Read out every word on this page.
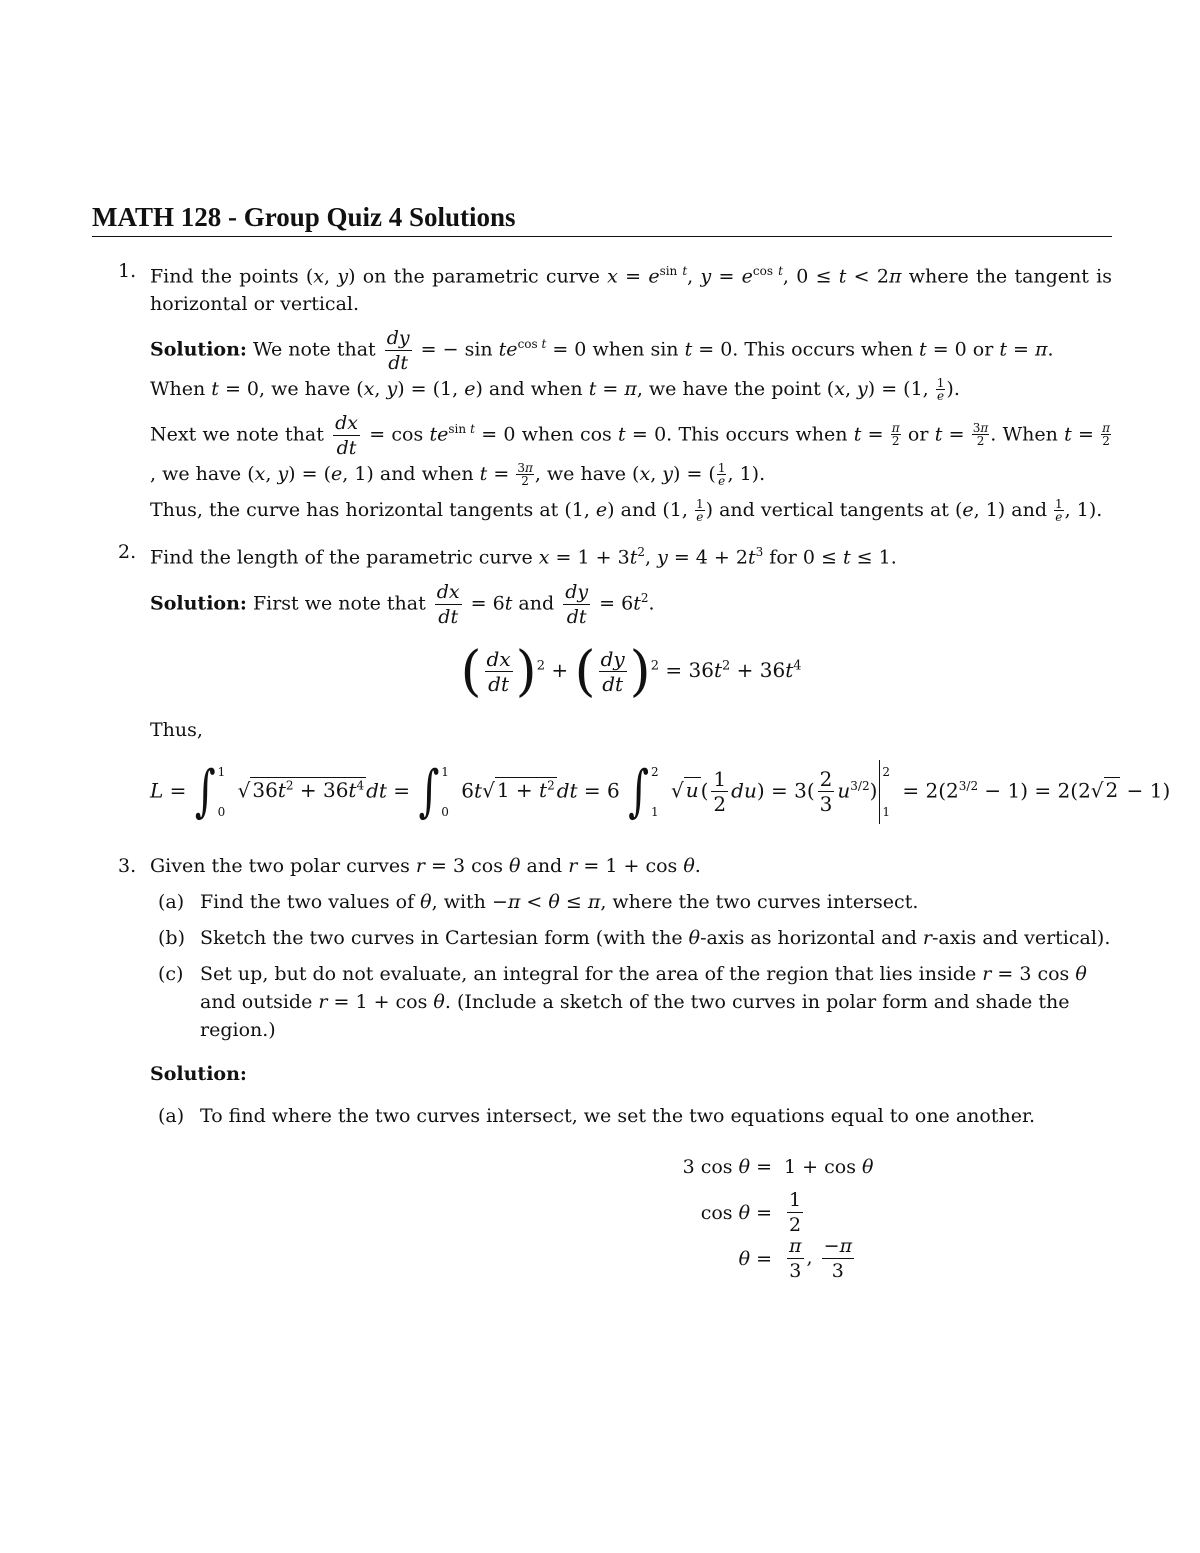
MATH 128 - Group Quiz 4 Solutions
1. Find the points (x, y) on the parametric curve $x = e^{sin t}$, $y = e^{cos t}$, 0 ≤ t < 2π where the tangent is horizontal or vertical.
Solution: We note that $\frac{dy}{dt}$ = − $\sin te^{cos t} = 0$ when sin t = 0. This occurs when t = 0 or t = π.
When t = 0, we have (x, y) = (1, e) and when t = π, we have the point (x, y) = (1, $\frac{1}{e}$ ).
Next we note that $\frac{dx}{dt} = \cos te^{sin t} = 0$ when cos t = 0. This occurs when $t = \frac{\pi}{2}$ or $t = \frac{3\pi}{2}$ . When $t = \frac{\pi}{2}$
, we have (x, y) = (e, 1) and when $t = \frac{3\pi}{2}$ , we have (x, y) = ( $\frac{1}{e}$ , 1).
Thus, the curve has horizontal tangents at (1, e) and (1, $\frac{1}{e}$ ) and vertical tangents at (e, 1) and $\frac{1}{e}$ , 1).
2. Find the length of the parametric curve $x = 1 + 3t^2$, $y = 4 + 2t^3$ for 0 ≤ t ≤ 1.
Solution: First we note that $\frac{dx}{dt} = 6t$ and $\frac{dy}{dt} = 6t^2$.
( $\frac{dx}{dt} )^2$ + ( $\frac{dy}{dt} )^2 = 36t^2 + 36t^4$
Thus,
L = ∫ 1
0
√ $36t^2 + 36t^4$ dt = ∫ 1
0
6t√ $1 + t^2$ dt = 6 ∫ 2
1
√ u ( $\frac{1}{2} du) = 3( \frac{2}{3} u^{3/2})$
2
1
= $2(2^{3/2} - 1) = 2(2√$ 2 − 1)
3. Given the two polar curves r = 3 cos θ and r = 1 + cos θ.
(a) Find the two values of θ, with −π < θ ≤ π, where the two curves intersect.
(b) Sketch the two curves in Cartesian form (with the θ-axis as horizontal and r-axis and vertical).
(c) Set up, but do not evaluate, an integral for the area of the region that lies inside r = 3 cos θ and outside r = 1 + cos θ. (Include a sketch of the two curves in polar form and shade the region.)
Solution:
(a) To find where the two curves intersect, we set the two equations equal to one another.
3 cos θ = 1 + cos θ
cos θ =
$\frac{1}{2}$
θ =
$\frac{\pi}{3}$ , $\frac{-\pi}{3}$
